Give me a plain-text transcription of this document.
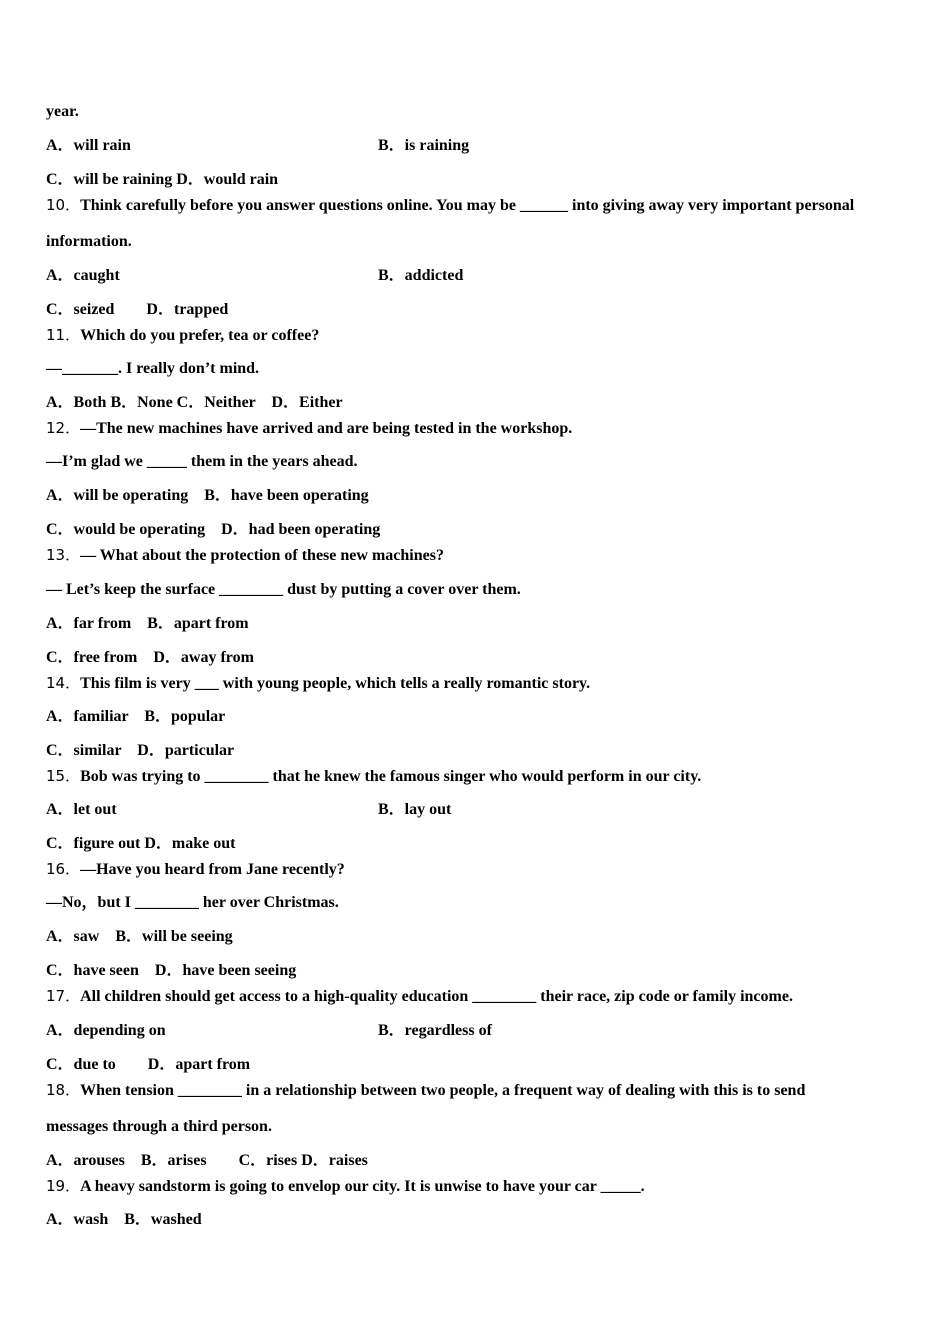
year.
A．will rain	B．is raining
C．will be raining D．would rain
10．Think carefully before you answer questions online. You may be ______ into giving away very important personal
information.
A．caught	B．addicted
C．seized　　D．trapped
11．Which do you prefer, tea or coffee?
—_______. I really don’t mind.
A．Both B．None C．Neither　D．Either
12．—The new machines have arrived and are being tested in the workshop.
—I’m glad we _____ them in the years ahead.
A．will be operating　B．have been operating
C．would be operating　D．had been operating
13．— What about the protection of these new machines?
— Let’s keep the surface ________ dust by putting a cover over them.
A．far from　B．apart from
C．free from　D．away from
14．This film is very ___ with young people, which tells a really romantic story.
A．familiar　B．popular
C．similar　D．particular
15．Bob was trying to ________ that he knew the famous singer who would perform in our city.
A．let out	B．lay out
C．figure out D．make out
16．—Have you heard from Jane recently?
—No，but I ________ her over Christmas.
A．saw　B．will be seeing
C．have seen　D．have been seeing
17．All children should get access to a high-quality education ________ their race, zip code or family income.
A．depending on	B．regardless of
C．due to　　D．apart from
18．When tension ________ in a relationship between two people, a frequent way of dealing with this is to send
messages through a third person.
A．arouses　B．arises　　C．rises D．raises
19．A heavy sandstorm is going to envelop our city. It is unwise to have your car _____.
A．wash　B．washed
